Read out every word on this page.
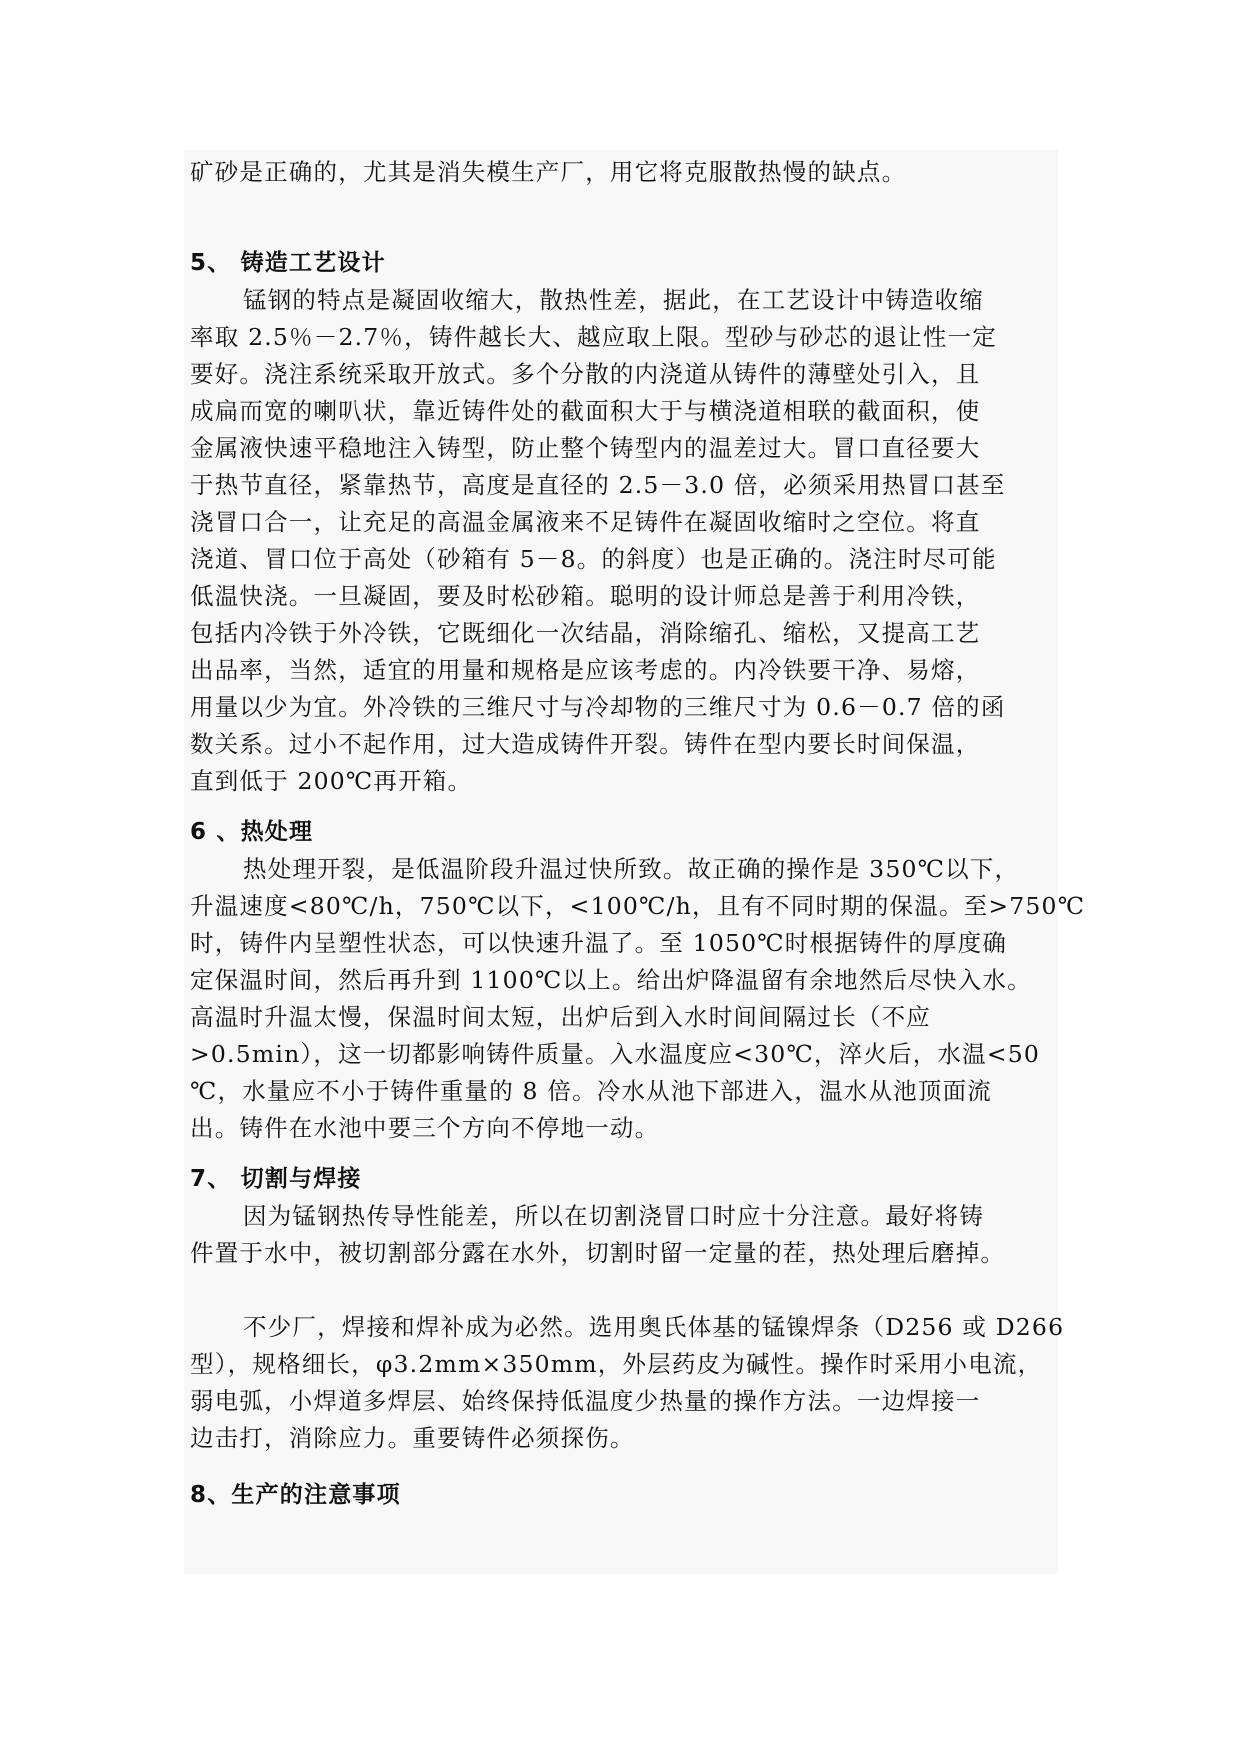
矿砂是正确的，尤其是消失模生产厂，用它将克服散热慢的缺点。

5、 铸造工艺设计

锰钢的特点是凝固收缩大，散热性差，据此，在工艺设计中铸造收缩

率取 2.5％－2.7％，铸件越长大、越应取上限。型砂与砂芯的退让性一定

要好。浇注系统采取开放式。多个分散的内浇道从铸件的薄壁处引入，且

成扁而宽的喇叭状，靠近铸件处的截面积大于与横浇道相联的截面积，使

金属液快速平稳地注入铸型，防止整个铸型内的温差过大。冒口直径要大

于热节直径，紧靠热节，高度是直径的 2.5－3.0 倍，必须采用热冒口甚至

浇冒口合一，让充足的高温金属液来不足铸件在凝固收缩时之空位。将直

浇道、冒口位于高处（砂箱有 5－8。的斜度）也是正确的。浇注时尽可能

低温快浇。一旦凝固，要及时松砂箱。聪明的设计师总是善于利用冷铁，

包括内冷铁于外冷铁，它既细化一次结晶，消除缩孔、缩松，又提高工艺

出品率，当然，适宜的用量和规格是应该考虑的。内冷铁要干净、易熔，

用量以少为宜。外冷铁的三维尺寸与冷却物的三维尺寸为 0.6－0.7 倍的函

数关系。过小不起作用，过大造成铸件开裂。铸件在型内要长时间保温，

直到低于 200℃再开箱。

6 、热处理

热处理开裂，是低温阶段升温过快所致。故正确的操作是 350℃以下，

升温速度<80℃/h，750℃以下，<100℃/h，且有不同时期的保温。至>750℃

时，铸件内呈塑性状态，可以快速升温了。至 1050℃时根据铸件的厚度确

定保温时间，然后再升到 1100℃以上。给出炉降温留有余地然后尽快入水。

高温时升温太慢，保温时间太短，出炉后到入水时间间隔过长（不应

>0.5min），这一切都影响铸件质量。入水温度应<30℃，淬火后，水温<50

℃，水量应不小于铸件重量的 8 倍。冷水从池下部进入，温水从池顶面流

出。铸件在水池中要三个方向不停地一动。

7、 切割与焊接

因为锰钢热传导性能差，所以在切割浇冒口时应十分注意。最好将铸

件置于水中，被切割部分露在水外，切割时留一定量的茬，热处理后磨掉。

不少厂，焊接和焊补成为必然。选用奥氏体基的锰镍焊条（D256 或 D266

型），规格细长，φ3.2mm×350mm，外层药皮为碱性。操作时采用小电流，

弱电弧，小焊道多焊层、始终保持低温度少热量的操作方法。一边焊接一

边击打，消除应力。重要铸件必须探伤。

8、生产的注意事项
